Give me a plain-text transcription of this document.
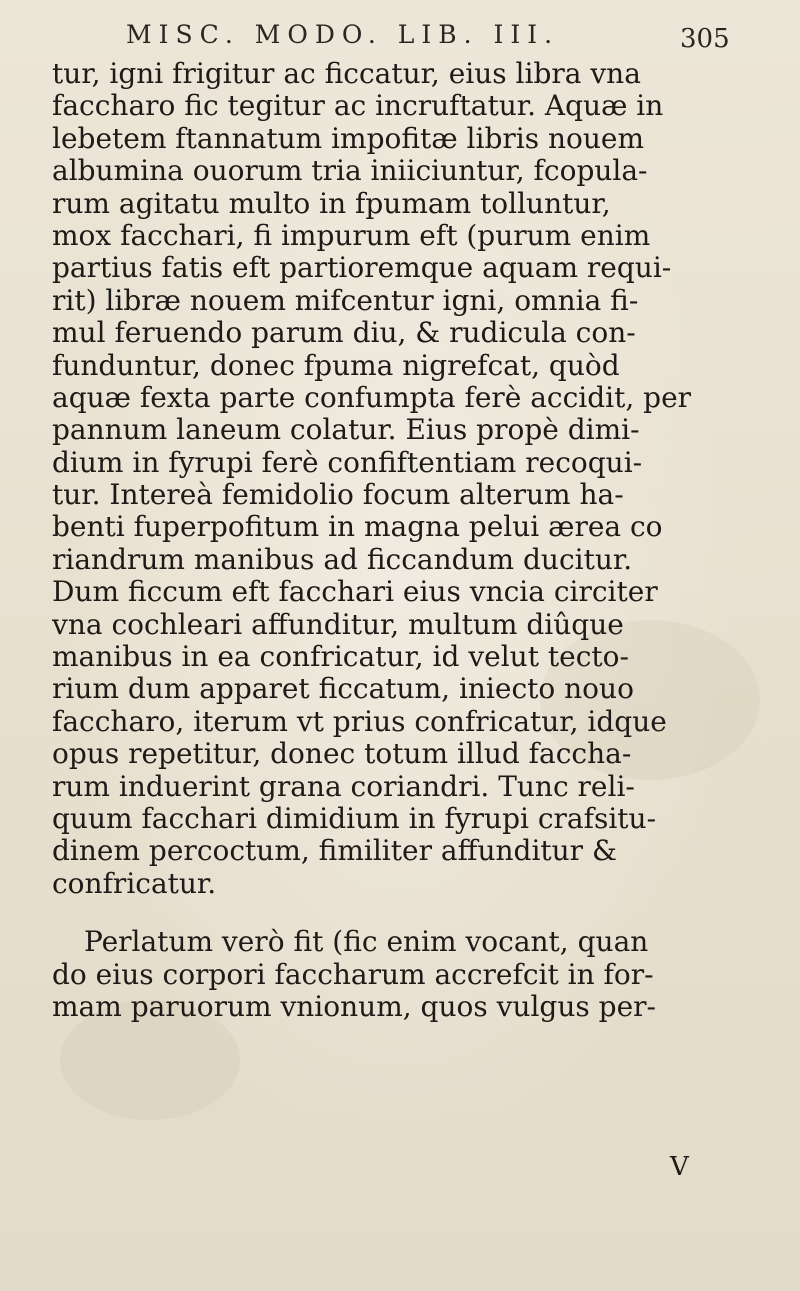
MISC. MODO. LIB. III.	305
tur, igni frigitur ac ficcatur, eius libra vna
faccharo fic tegitur ac incruftatur. Aquæ in
lebetem ftannatum impofitæ libris nouem
albumina ouorum tria iniiciuntur, fcopula-
rum agitatu multo in fpumam tolluntur,
mox facchari, fi impurum eft (purum enim
partius fatis eft partioremque aquam requi-
rit) libræ nouem mifcentur igni, omnia fi-
mul feruendo parum diu, & rudicula con-
funduntur, donec fpuma nigrefcat, quòd
aquæ fexta parte confumpta ferè accidit, per
pannum laneum colatur. Eius propè dimi-
dium in fyrupi ferè confiftentiam recoqui-
tur. Intereà femidolio focum alterum ha-
benti fuperpofitum in magna pelui ærea co
riandrum manibus ad ficcandum ducitur.
Dum ficcum eft facchari eius vncia circiter
vna cochleari affunditur, multum diûque
manibus in ea confricatur, id velut tecto-
rium dum apparet ficcatum, iniecto nouo
faccharo, iterum vt prius confricatur, idque
opus repetitur, donec totum illud faccha-
rum induerint grana coriandri. Tunc reli-
quum facchari dimidium in fyrupi crafsitu-
dinem percoctum, fimiliter affunditur &
confricatur.
Perlatum verò fit (fic enim vocant, quan
do eius corpori faccharum accrefcit in for-
mam paruorum vnionum, quos vulgus per-
V
